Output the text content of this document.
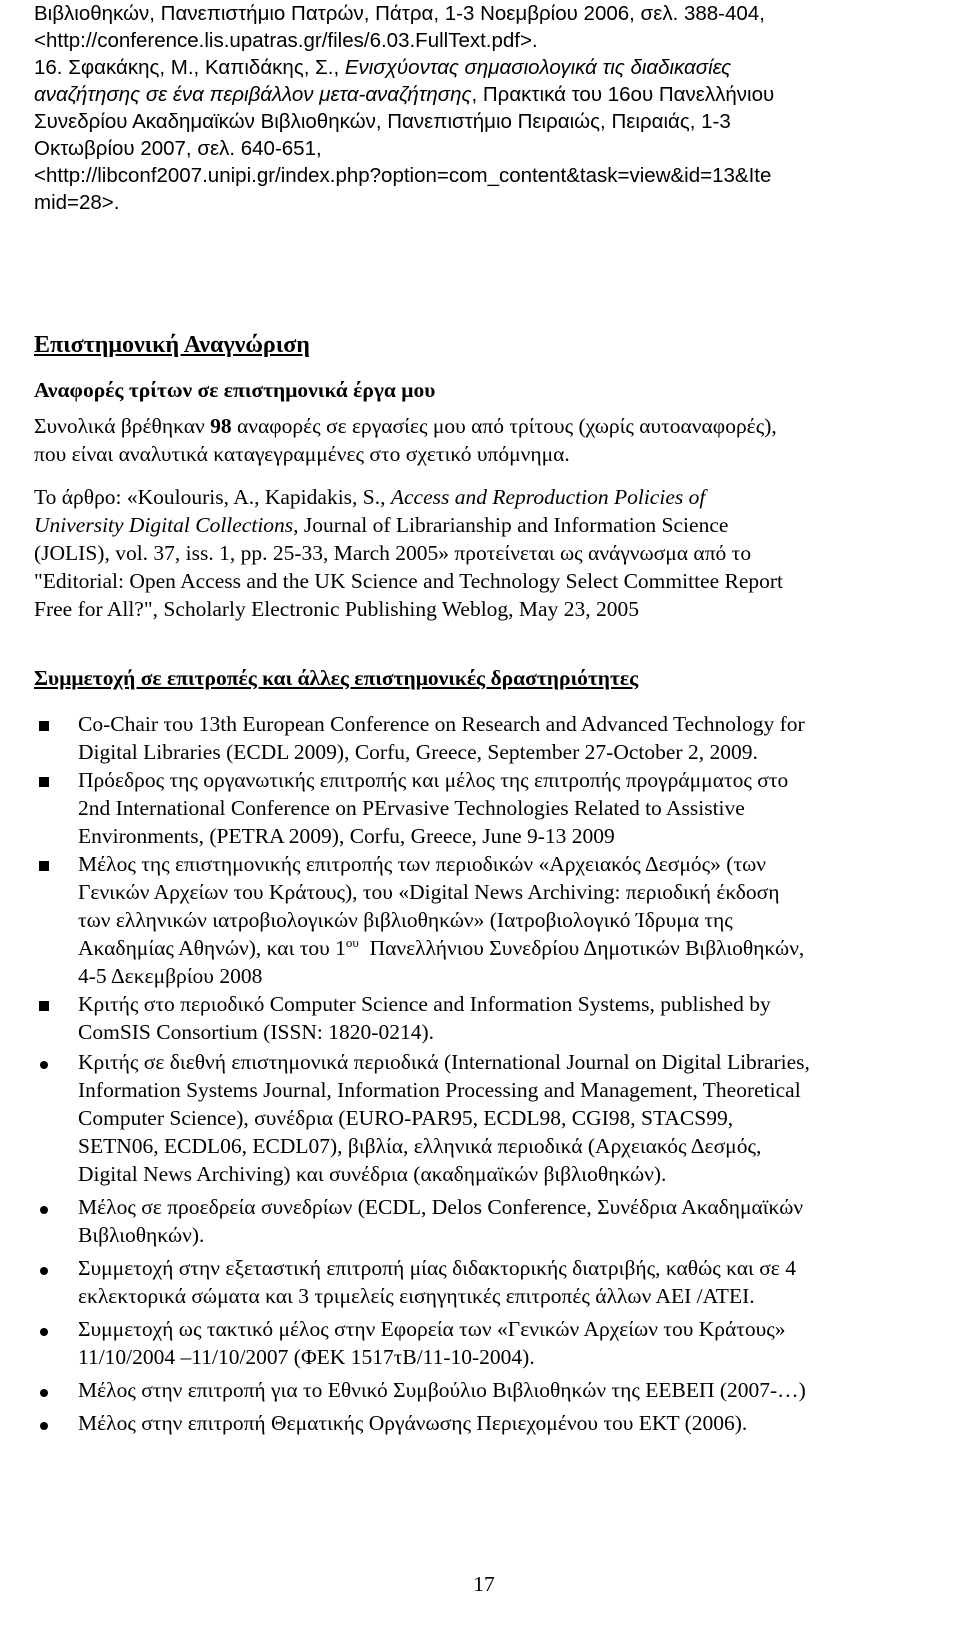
Βιβλιοθηκών, Πανεπιστήμιο Πατρών, Πάτρα, 1-3 Νοεμβρίου 2006, σελ. 388-404,
<http://conference.lis.upatras.gr/files/6.03.FullText.pdf>.
16. Σφακάκης, Μ., Καπιδάκης, Σ., Ενισχύοντας σημασιολογικά τις διαδικασίες
αναζήτησης σε ένα περιβάλλον μετα-αναζήτησης, Πρακτικά του 16ου Πανελλήνιου
Συνεδρίου Ακαδημαϊκών Βιβλιοθηκών, Πανεπιστήμιο Πειραιώς, Πειραιάς, 1-3
Οκτωβρίου 2007, σελ. 640-651,
<http://libconf2007.unipi.gr/index.php?option=com_content&task=view&id=13&Ite
mid=28>.
Επιστημονική Αναγνώριση
Αναφορές τρίτων σε επιστημονικά έργα μου
Συνολικά βρέθηκαν 98 αναφορές σε εργασίες μου από τρίτους (χωρίς αυτοαναφορές),
που είναι αναλυτικά καταγεγραμμένες στο σχετικό υπόμνημα.
Το άρθρο: «Koulouris, A., Kapidakis, S., Access and Reproduction Policies of
University Digital Collections, Journal of Librarianship and Information Science
(JOLIS), vol. 37, iss. 1, pp. 25-33, March 2005» προτείνεται ως ανάγνωσμα από το
"Editorial: Open Access and the UK Science and Technology Select Committee Report
Free for All?", Scholarly Electronic Publishing Weblog, May 23, 2005
Συμμετοχή σε επιτροπές και άλλες επιστημονικές δραστηριότητες
Co-Chair του 13th European Conference on Research and Advanced Technology for
Digital Libraries (ECDL 2009), Corfu, Greece, September 27-October 2, 2009.
Πρόεδρος της οργανωτικής επιτροπής και μέλος της επιτροπής προγράμματος στο
2nd International Conference on PErvasive Technologies Related to Assistive
Environments, (PETRA 2009), Corfu, Greece, June 9-13 2009
Μέλος της επιστημονικής επιτροπής των περιοδικών «Αρχειακός Δεσμός» (των
Γενικών Αρχείων του Κράτους), του «Digital News Archiving: περιοδική έκδοση
των ελληνικών ιατροβιολογικών βιβλιοθηκών» (Ιατροβιολογικό Ίδρυμα της
Ακαδημίας Αθηνών), και του $1^{o\upsilon}$  Πανελλήνιου Συνεδρίου Δημοτικών Βιβλιοθηκών,
4-5 Δεκεμβρίου 2008
Κριτής στο περιοδικό Computer Science and Information Systems, published by
ComSIS Consortium (ISSN: 1820-0214).
Κριτής σε διεθνή επιστημονικά περιοδικά (International Journal on Digital Libraries,
Information Systems Journal, Information Processing and Management, Theoretical
Computer Science), συνέδρια (EURO-PAR95, ECDL98, CGI98, STACS99,
SETN06, ECDL06, ECDL07), βιβλία, ελληνικά περιοδικά (Αρχειακός Δεσμός,
Digital News Archiving) και συνέδρια (ακαδημαϊκών βιβλιοθηκών).
Μέλος σε προεδρεία συνεδρίων (ECDL, Delos Conference, Συνέδρια Ακαδημαϊκών
Βιβλιοθηκών).
Συμμετοχή στην εξεταστική επιτροπή μίας διδακτορικής διατριβής, καθώς και σε 4
εκλεκτορικά σώματα και 3 τριμελείς εισηγητικές επιτροπές άλλων ΑΕΙ /ΑΤΕΙ.
Συμμετοχή ως τακτικό μέλος στην Εφορεία των «Γενικών Αρχείων του Κράτους»
11/10/2004 –11/10/2007 (ΦΕΚ 1517τΒ/11-10-2004).
Μέλος στην επιτροπή για το Εθνικό Συμβούλιο Βιβλιοθηκών της ΕΕΒΕΠ (2007-…)
Μέλος στην επιτροπή Θεματικής Οργάνωσης Περιεχομένου του ΕΚΤ (2006).
17
